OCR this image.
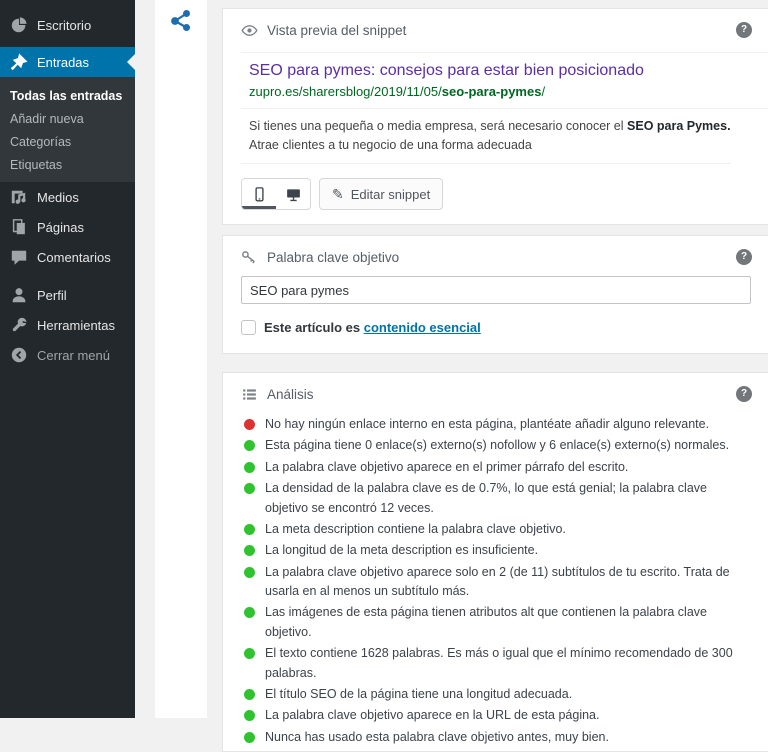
Escritorio
Entradas
Todas las entradas
Añadir nueva
Categorías
Etiquetas
Medios
Páginas
Comentarios
Perfil
Herramientas
Cerrar menú
Vista previa del snippet
?
SEO para pymes: consejos para estar bien posicionado
zupro.es/sharersblog/2019/11/05/seo-para-pymes/
Si tienes una pequeña o media empresa, será necesario conocer el SEO para Pymes.
Atrae clientes a tu negocio de una forma adecuada
✎ Editar snippet
Palabra clave objetivo
?
SEO para pymes
Este artículo es contenido esencial
Análisis
?
No hay ningún enlace interno en esta página, plantéate añadir alguno relevante.
Esta página tiene 0 enlace(s) externo(s) nofollow y 6 enlace(s) externo(s) normales.
La palabra clave objetivo aparece en el primer párrafo del escrito.
La densidad de la palabra clave es de 0.7%, lo que está genial; la palabra clave objetivo se encontró 12 veces.
La meta description contiene la palabra clave objetivo.
La longitud de la meta description es insuficiente.
La palabra clave objetivo aparece solo en 2 (de 11) subtítulos de tu escrito. Trata de usarla en al menos un subtítulo más.
Las imágenes de esta página tienen atributos alt que contienen la palabra clave objetivo.
El texto contiene 1628 palabras. Es más o igual que el mínimo recomendado de 300 palabras.
El título SEO de la página tiene una longitud adecuada.
La palabra clave objetivo aparece en la URL de esta página.
Nunca has usado esta palabra clave objetivo antes, muy bien.
